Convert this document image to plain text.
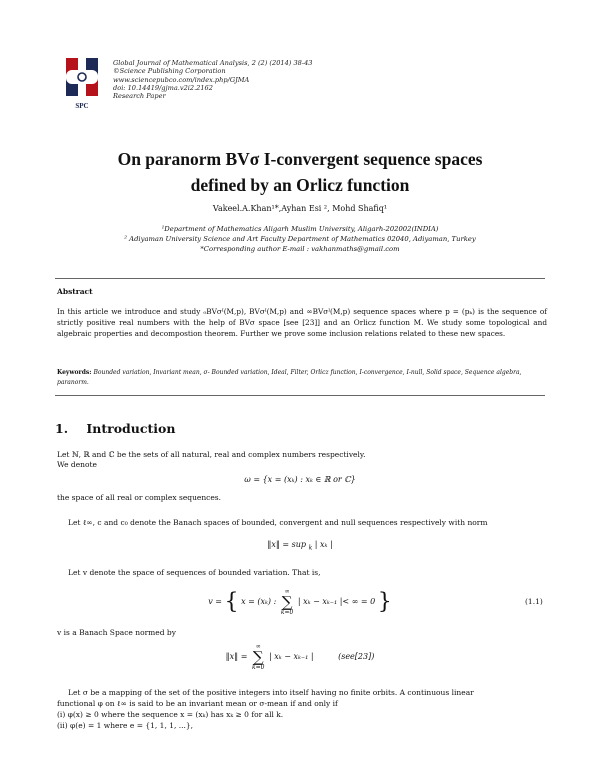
SPC
Global Journal of Mathematical Analysis, 2 (2) (2014) 38-43
©Science Publishing Corporation
www.sciencepubco.com/index.php/GJMA
doi: 10.14419/gjma.v2i2.2162
Research Paper
On paranorm BVσ I-convergent sequence spaces
defined by an Orlicz function
Vakeel.A.Khan¹*,Ayhan Esi ², Mohd Shafiq¹
¹Department of Mathematics Aligarh Muslim University, Aligarh-202002(INDIA)
² Adiyaman University Science and Art Faculty Department of Mathematics 02040, Adiyaman, Turkey
*Corresponding author E-mail : vakhanmaths@gmail.com
Abstract
In this article we introduce and study ₀BVσᴵ(M,p), BVσᴵ(M,p) and ∞BVσᴵ(M,p) sequence spaces where p = (pₖ) is the sequence of strictly positive real numbers with the help of BVσ space [see [23]] and an Orlicz function M. We study some topological and algebraic properties and decompostion theorem. Further we prove some inclusion relations related to these new spaces.
Keywords: Bounded variation, Invariant mean, σ- Bounded variation, Ideal, Filter, Orlicz function, I-convergence, I-null, Solid space, Sequence algebra, paranorm.
1. Introduction
Let ℕ, ℝ and ℂ be the sets of all natural, real and complex numbers respectively.
We denote
ω = {x = (xₖ) : xₖ ∈ ℝ or ℂ}
the space of all real or complex sequences.
Let ℓ∞, c and c₀ denote the Banach spaces of bounded, convergent and null sequences respectively with norm
‖x‖ = sup $_k$ | xₖ |
Let v denote the space of sequences of bounded variation. That is,
v = { x = (xₖ) : ∞
∑
k=0 | xₖ − xₖ₋₁ |< ∞ = 0 }	(1.1)
v is a Banach Space normed by
‖x‖ = ∞
∑
k=0 | xₖ − xₖ₋₁ |	(see[23])
Let σ be a mapping of the set of the positive integers into itself having no finite orbits. A continuous linear
functional φ on ℓ∞ is said to be an invariant mean or σ-mean if and only if
(i) φ(x) ≥ 0 where the sequence x = (xₖ) has xₖ ≥ 0 for all k.
(ii) φ(e) = 1 where e = {1, 1, 1, ...},
